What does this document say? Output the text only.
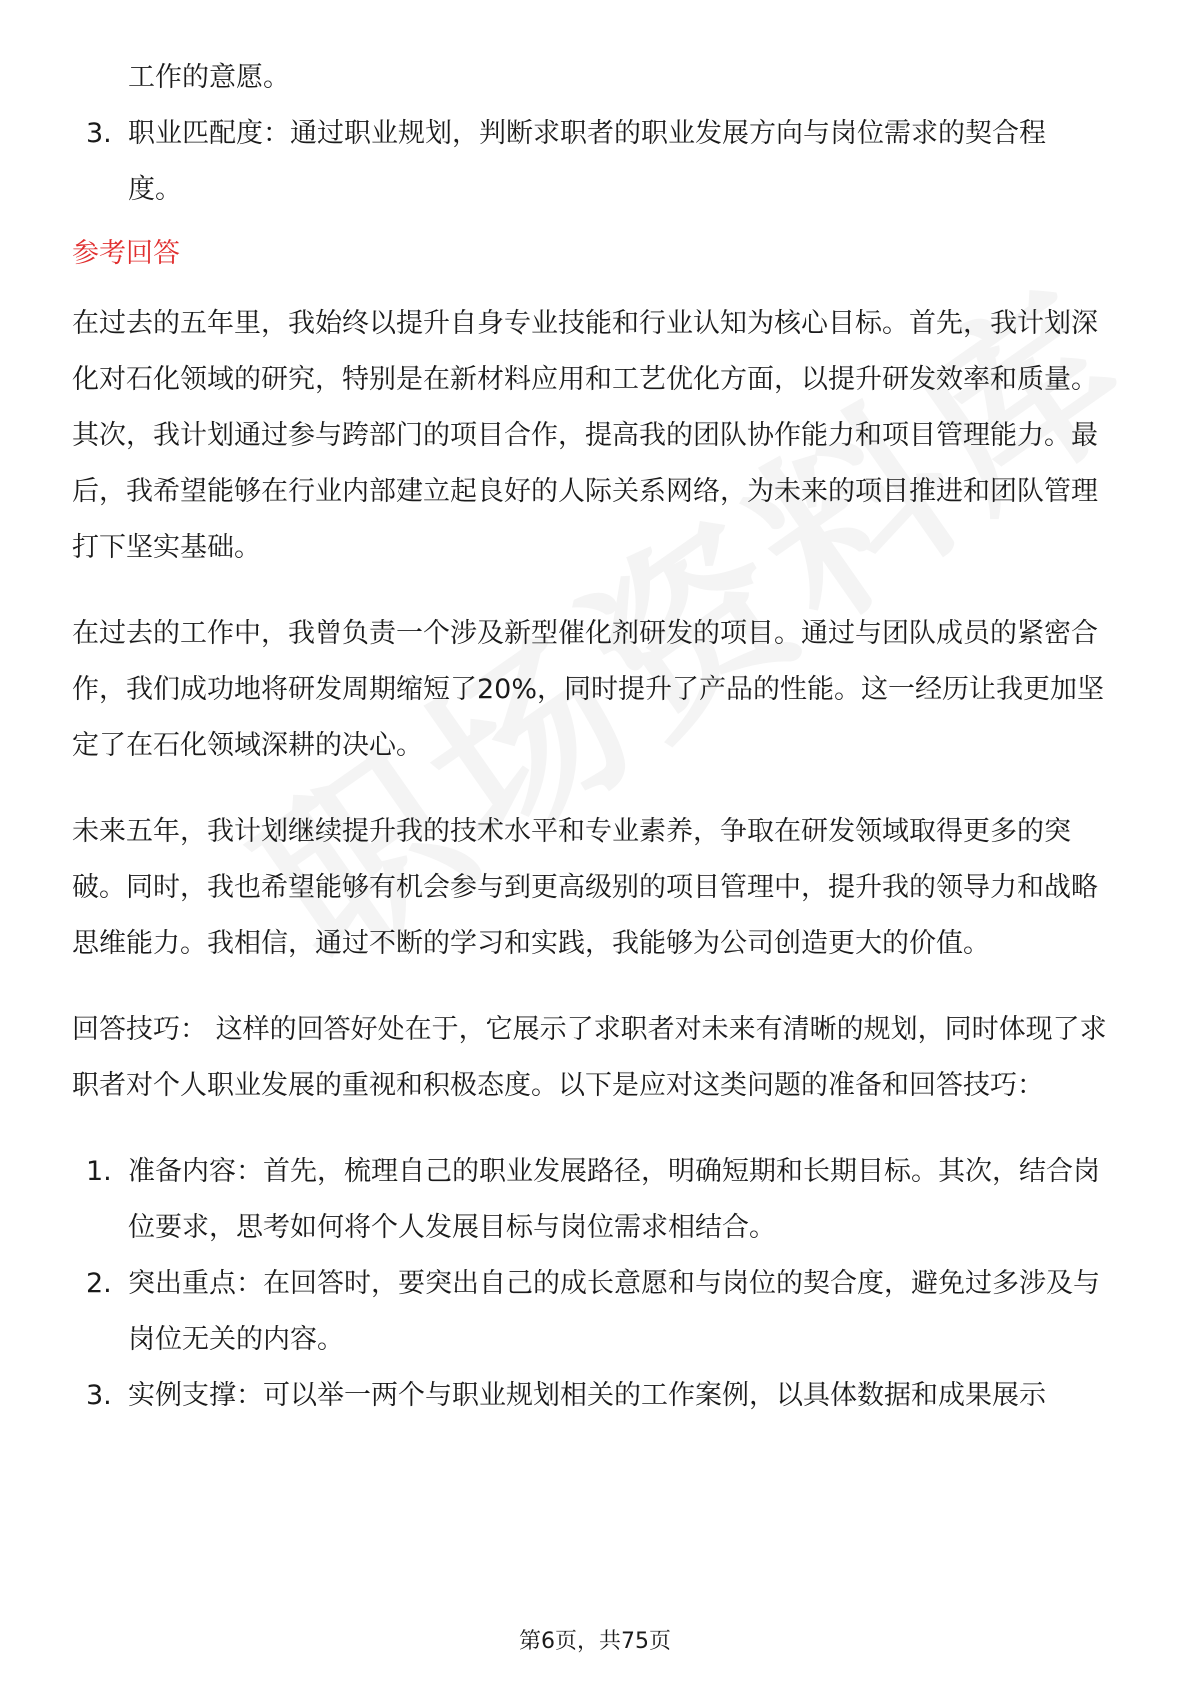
工作的意愿。
3. 职业匹配度：通过职业规划，判断求职者的职业发展方向与岗位需求的契合程
度。
参考回答

在过去的五年里，我始终以提升自身专业技能和行业认知为核心目标。首先，我计划深化对石化领域的研究，特别是在新材料应用和工艺优化方面，以提升研发效率和质量。其次，我计划通过参与跨部门的项目合作，提高我的团队协作能力和项目管理能力。最后，我希望能够在行业内部建立起良好的人际关系网络，为未来的项目推进和团队管理打下坚实基础。

在过去的工作中，我曾负责一个涉及新型催化剂研发的项目。通过与团队成员的紧密合作，我们成功地将研发周期缩短了20%，同时提升了产品的性能。这一经历让我更加坚定了在石化领域深耕的决心。

未来五年，我计划继续提升我的技术水平和专业素养，争取在研发领域取得更多的突破。同时，我也希望能够有机会参与到更高级别的项目管理中，提升我的领导力和战略思维能力。我相信，通过不断的学习和实践，我能够为公司创造更大的价值。

回答技巧： 这样的回答好处在于，它展示了求职者对未来有清晰的规划，同时体现了求职者对个人职业发展的重视和积极态度。以下是应对这类问题的准备和回答技巧：

1. 准备内容：首先，梳理自己的职业发展路径，明确短期和长期目标。其次，结合岗位要求，思考如何将个人发展目标与岗位需求相结合。
2. 突出重点：在回答时，要突出自己的成长意愿和与岗位的契合度，避免过多涉及与岗位无关的内容。
3. 实例支撑：可以举一两个与职业规划相关的工作案例，以具体数据和成果展示
第6页，共75页
